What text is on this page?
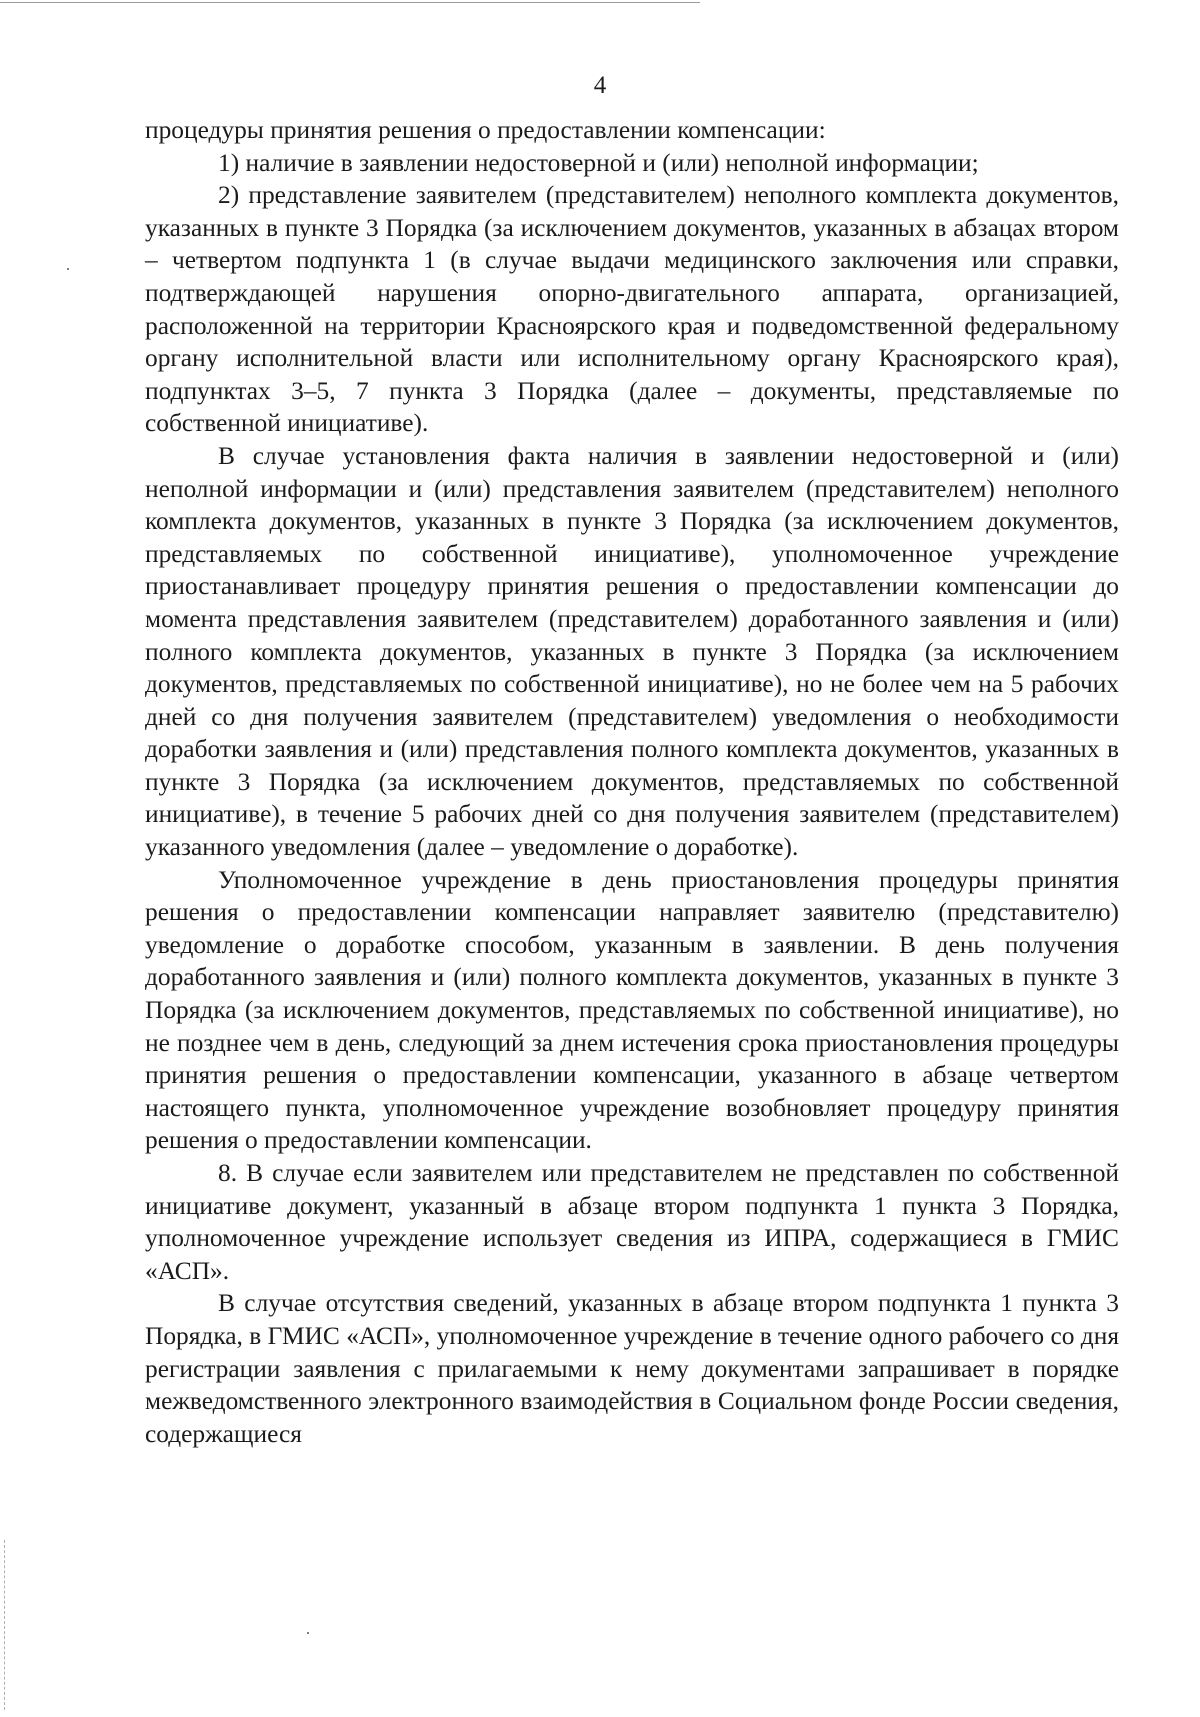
4

процедуры принятия решения о предоставлении компенсации:

1) наличие в заявлении недостоверной и (или) неполной информации;

2) представление заявителем (представителем) неполного комплекта документов, указанных в пункте 3 Порядка (за исключением документов, указанных в абзацах втором – четвертом подпункта 1 (в случае выдачи медицинского заключения или справки, подтверждающей нарушения опорно-двигательного аппарата, организацией, расположенной на территории Красноярского края и подведомственной федеральному органу исполнительной власти или исполнительному органу Красноярского края), подпунктах 3–5, 7 пункта 3 Порядка (далее – документы, представляемые по собственной инициативе).

В случае установления факта наличия в заявлении недостоверной и (или) неполной информации и (или) представления заявителем (представителем) неполного комплекта документов, указанных в пункте 3 Порядка (за исключением документов, представляемых по собственной инициативе), уполномоченное учреждение приостанавливает процедуру принятия решения о предоставлении компенсации до момента представления заявителем (представителем) доработанного заявления и (или) полного комплекта документов, указанных в пункте 3 Порядка (за исключением документов, представляемых по собственной инициативе), но не более чем на 5 рабочих дней со дня получения заявителем (представителем) уведомления о необходимости доработки заявления и (или) представления полного комплекта документов, указанных в пункте 3 Порядка (за исключением документов, представляемых по собственной инициативе), в течение 5 рабочих дней со дня получения заявителем (представителем) указанного уведомления (далее – уведомление о доработке).

Уполномоченное учреждение в день приостановления процедуры принятия решения о предоставлении компенсации направляет заявителю (представителю) уведомление о доработке способом, указанным в заявлении. В день получения доработанного заявления и (или) полного комплекта документов, указанных в пункте 3 Порядка (за исключением документов, представляемых по собственной инициативе), но не позднее чем в день, следующий за днем истечения срока приостановления процедуры принятия решения о предоставлении компенсации, указанного в абзаце четвертом настоящего пункта, уполномоченное учреждение возобновляет процедуру принятия решения о предоставлении компенсации.

8. В случае если заявителем или представителем не представлен по собственной инициативе документ, указанный в абзаце втором подпункта 1 пункта 3 Порядка, уполномоченное учреждение использует сведения из ИПРА, содержащиеся в ГМИС «АСП».

В случае отсутствия сведений, указанных в абзаце втором подпункта 1 пункта 3 Порядка, в ГМИС «АСП», уполномоченное учреждение в течение одного рабочего со дня регистрации заявления с прилагаемыми к нему документами запрашивает в порядке межведомственного электронного взаимодействия в Социальном фонде России сведения, содержащиеся
